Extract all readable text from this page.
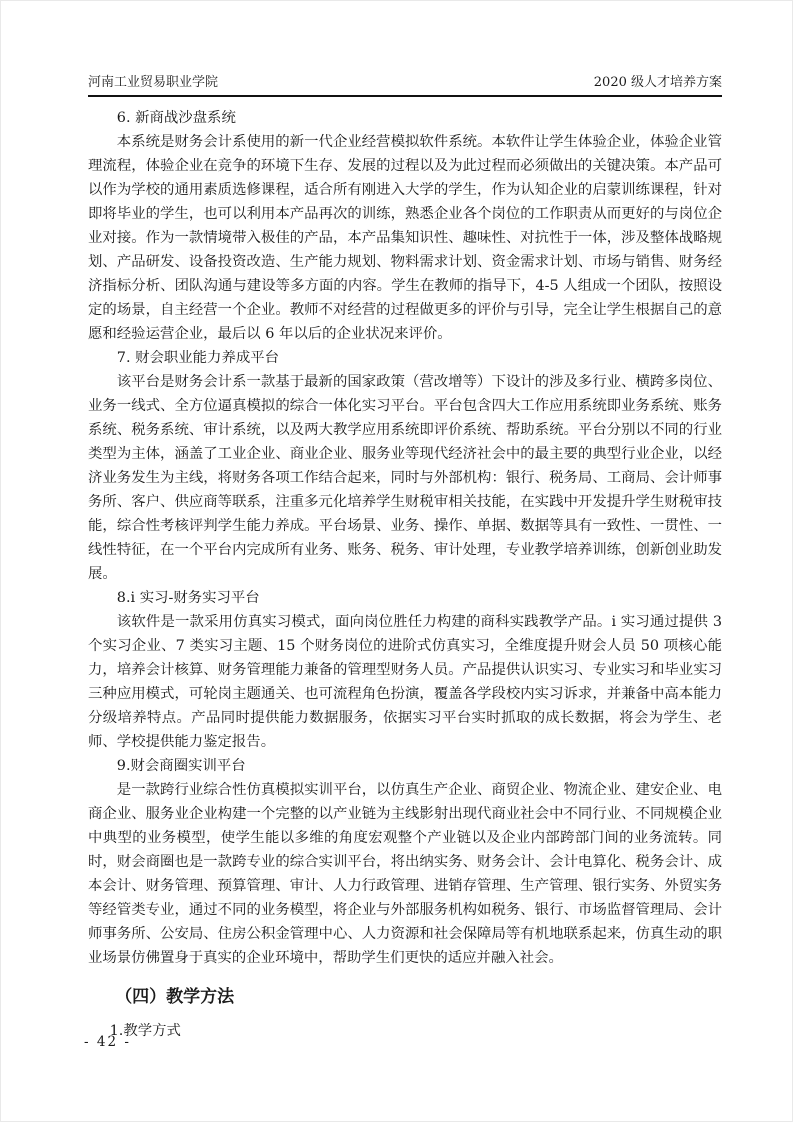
河南工业贸易职业学院	2020 级人才培养方案
6. 新商战沙盘系统

本系统是财务会计系使用的新一代企业经营模拟软件系统。本软件让学生体验企业，体验企业管理流程，体验企业在竞争的环境下生存、发展的过程以及为此过程而必须做出的关键决策。本产品可以作为学校的通用素质选修课程，适合所有刚进入大学的学生，作为认知企业的启蒙训练课程，针对即将毕业的学生，也可以利用本产品再次的训练，熟悉企业各个岗位的工作职责从而更好的与岗位企业对接。作为一款情境带入极佳的产品，本产品集知识性、趣味性、对抗性于一体，涉及整体战略规划、产品研发、设备投资改造、生产能力规划、物料需求计划、资金需求计划、市场与销售、财务经济指标分析、团队沟通与建设等多方面的内容。学生在教师的指导下，4-5 人组成一个团队，按照设定的场景，自主经营一个企业。教师不对经营的过程做更多的评价与引导，完全让学生根据自己的意愿和经验运营企业，最后以 6 年以后的企业状况来评价。

7. 财会职业能力养成平台

该平台是财务会计系一款基于最新的国家政策（营改增等）下设计的涉及多行业、横跨多岗位、业务一线式、全方位逼真模拟的综合一体化实习平台。平台包含四大工作应用系统即业务系统、账务系统、税务系统、审计系统，以及两大教学应用系统即评价系统、帮助系统。平台分别以不同的行业类型为主体，涵盖了工业企业、商业企业、服务业等现代经济社会中的最主要的典型行业企业，以经济业务发生为主线，将财务各项工作结合起来，同时与外部机构：银行、税务局、工商局、会计师事务所、客户、供应商等联系，注重多元化培养学生财税审相关技能，在实践中开发提升学生财税审技能，综合性考核评判学生能力养成。平台场景、业务、操作、单据、数据等具有一致性、一贯性、一线性特征，在一个平台内完成所有业务、账务、税务、审计处理，专业教学培养训练，创新创业助发展。

8.i 实习-财务实习平台

该软件是一款采用仿真实习模式，面向岗位胜任力构建的商科实践教学产品。i 实习通过提供 3 个实习企业、7 类实习主题、15 个财务岗位的进阶式仿真实习，全维度提升财会人员 50 项核心能力，培养会计核算、财务管理能力兼备的管理型财务人员。产品提供认识实习、专业实习和毕业实习三种应用模式，可轮岗主题通关、也可流程角色扮演，覆盖各学段校内实习诉求，并兼备中高本能力分级培养特点。产品同时提供能力数据服务，依据实习平台实时抓取的成长数据，将会为学生、老师、学校提供能力鉴定报告。

9.财会商圈实训平台

是一款跨行业综合性仿真模拟实训平台，以仿真生产企业、商贸企业、物流企业、建安企业、电商企业、服务业企业构建一个完整的以产业链为主线影射出现代商业社会中不同行业、不同规模企业中典型的业务模型，使学生能以多维的角度宏观整个产业链以及企业内部跨部门间的业务流转。同时，财会商圈也是一款跨专业的综合实训平台，将出纳实务、财务会计、会计电算化、税务会计、成本会计、财务管理、预算管理、审计、人力行政管理、进销存管理、生产管理、银行实务、外贸实务等经管类专业，通过不同的业务模型，将企业与外部服务机构如税务、银行、市场监督管理局、会计师事务所、公安局、住房公积金管理中心、人力资源和社会保障局等有机地联系起来，仿真生动的职业场景仿佛置身于真实的企业环境中，帮助学生们更快的适应并融入社会。

（四）教学方法
1.教学方式
- 42 -
